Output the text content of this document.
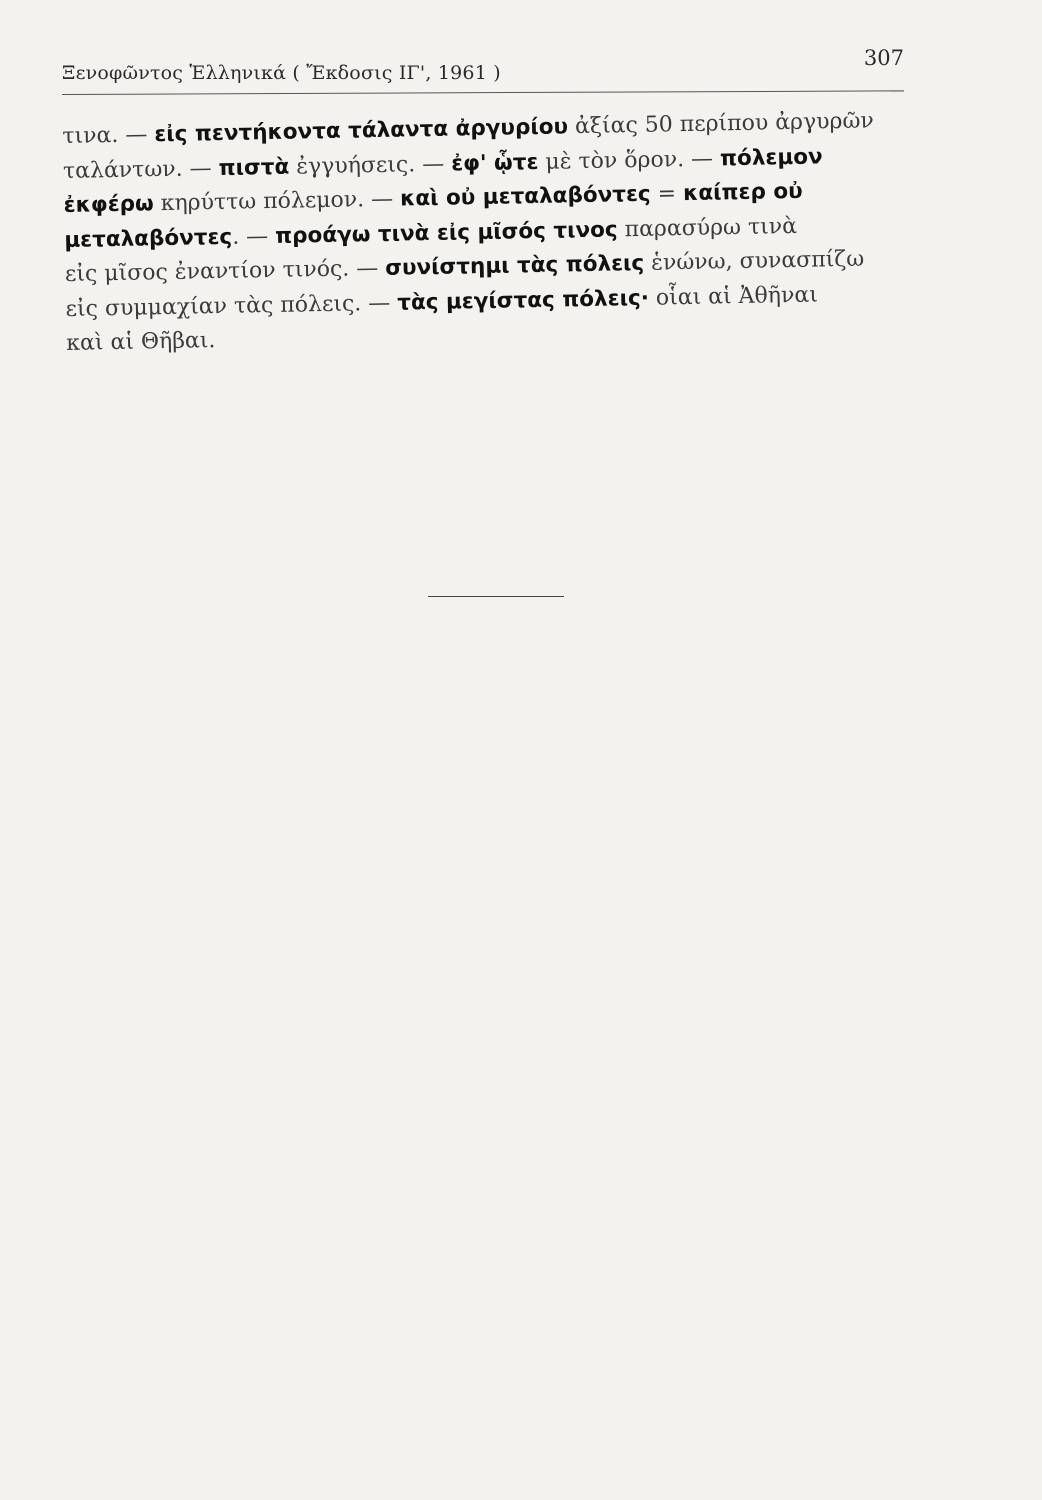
Ξενοφῶντος Ἑλληνικά ( Ἔκδοσις ΙΓ', 1961 )
307
τινα. — εἰς πεντήκοντα τάλαντα ἀργυρίου ἀξίας 50 περίπου ἀργυρῶν
ταλάντων. — πιστὰ ἐγγυήσεις. — ἐφ' ᾧτε μὲ τὸν ὅρον. — πόλεμον
ἐκφέρω κηρύττω πόλεμον. — καὶ οὐ μεταλαβόντες = καίπερ οὐ
μεταλαβόντες. — προάγω τινὰ εἰς μῖσός τινος παρασύρω τινὰ
εἰς μῖσος ἐναντίον τινός. — συνίστημι τὰς πόλεις ἑνώνω, συνασπίζω
εἰς συμμαχίαν τὰς πόλεις. — τὰς μεγίστας πόλεις· οἷαι αἱ Ἀθῆναι
καὶ αἱ Θῆβαι.
